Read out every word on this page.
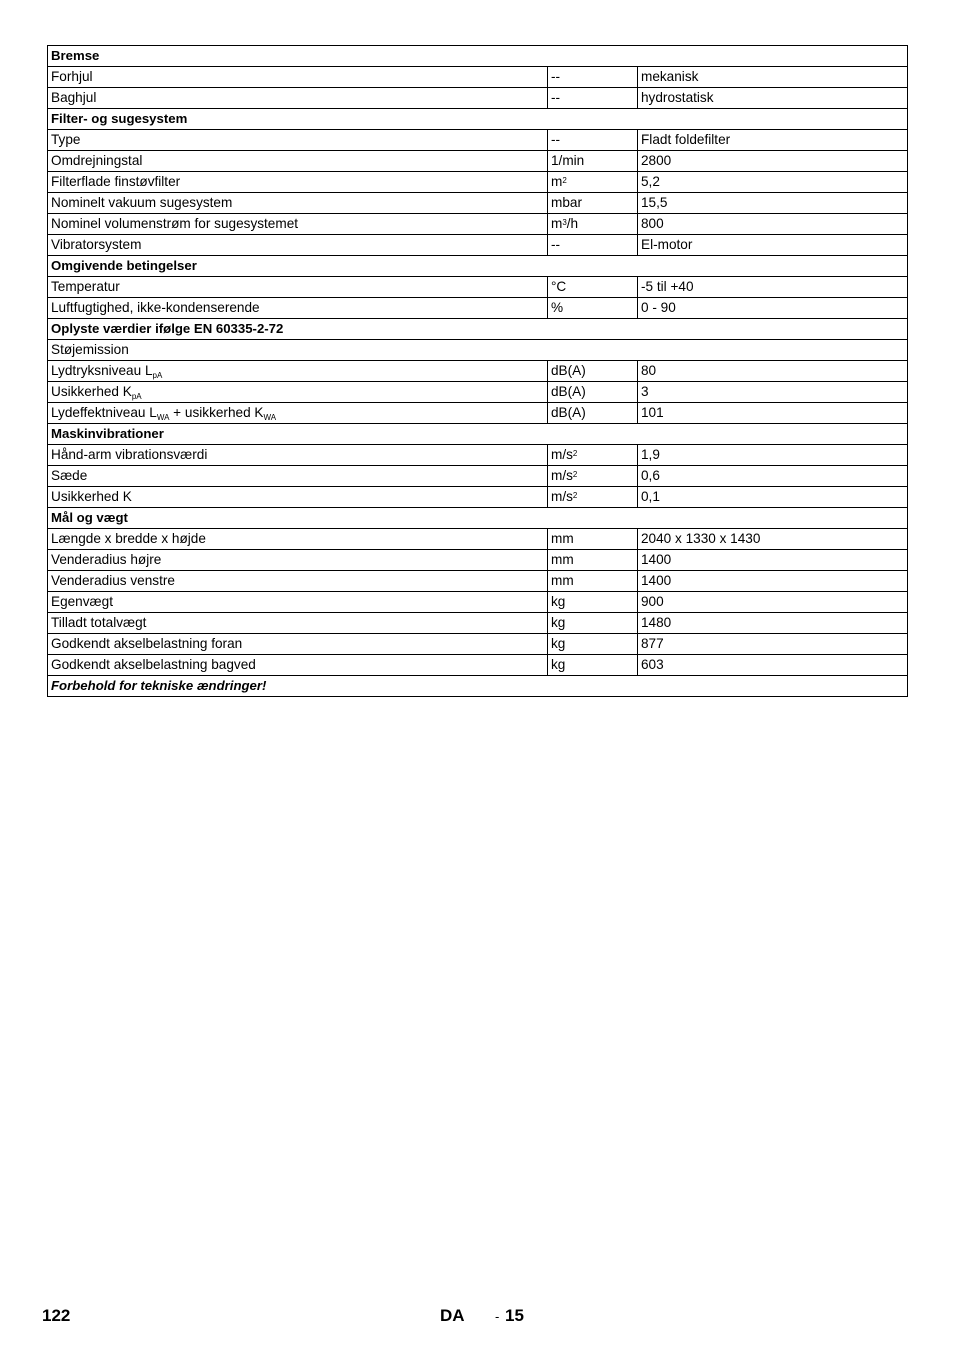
Bremse		
Forhjul	--	mekanisk
Baghjul	--	hydrostatisk
Filter- og sugesystem		
Type	--	Fladt foldefilter
Omdrejningstal	1/min	2800
Filterflade finstøvfilter	$m^2$	5,2
Nominelt vakuum sugesystem	mbar	15,5
Nominel volumenstrøm for sugesystemet	$m^3/h$	800
Vibratorsystem	--	El-motor
Omgivende betingelser		
Temperatur	°C	-5 til +40
Luftfugtighed, ikke-kondenserende	%	0 - 90
Oplyste værdier ifølge EN 60335-2-72		
Støjemission		
Lydtryksniveau $L_{pA}$	dB(A)	80
Usikkerhed $K_{pA}$	dB(A)	3
Lydeffektniveau $L_{WA}$ + usikkerhed $K_{WA}$	dB(A)	101
Maskinvibrationer		
Hånd-arm vibrationsværdi	$m/s^2$	1,9
Sæde	$m/s^2$	0,6
Usikkerhed K	$m/s^2$	0,1
Mål og vægt		
Længde x bredde x højde	mm	2040 x 1330 x 1430
Venderadius højre	mm	1400
Venderadius venstre	mm	1400
Egenvægt	kg	900
Tilladt totalvægt	kg	1480
Godkendt akselbelastning foran	kg	877
Godkendt akselbelastning bagved	kg	603
Forbehold for tekniske ændringer!		
122	DA - 15
